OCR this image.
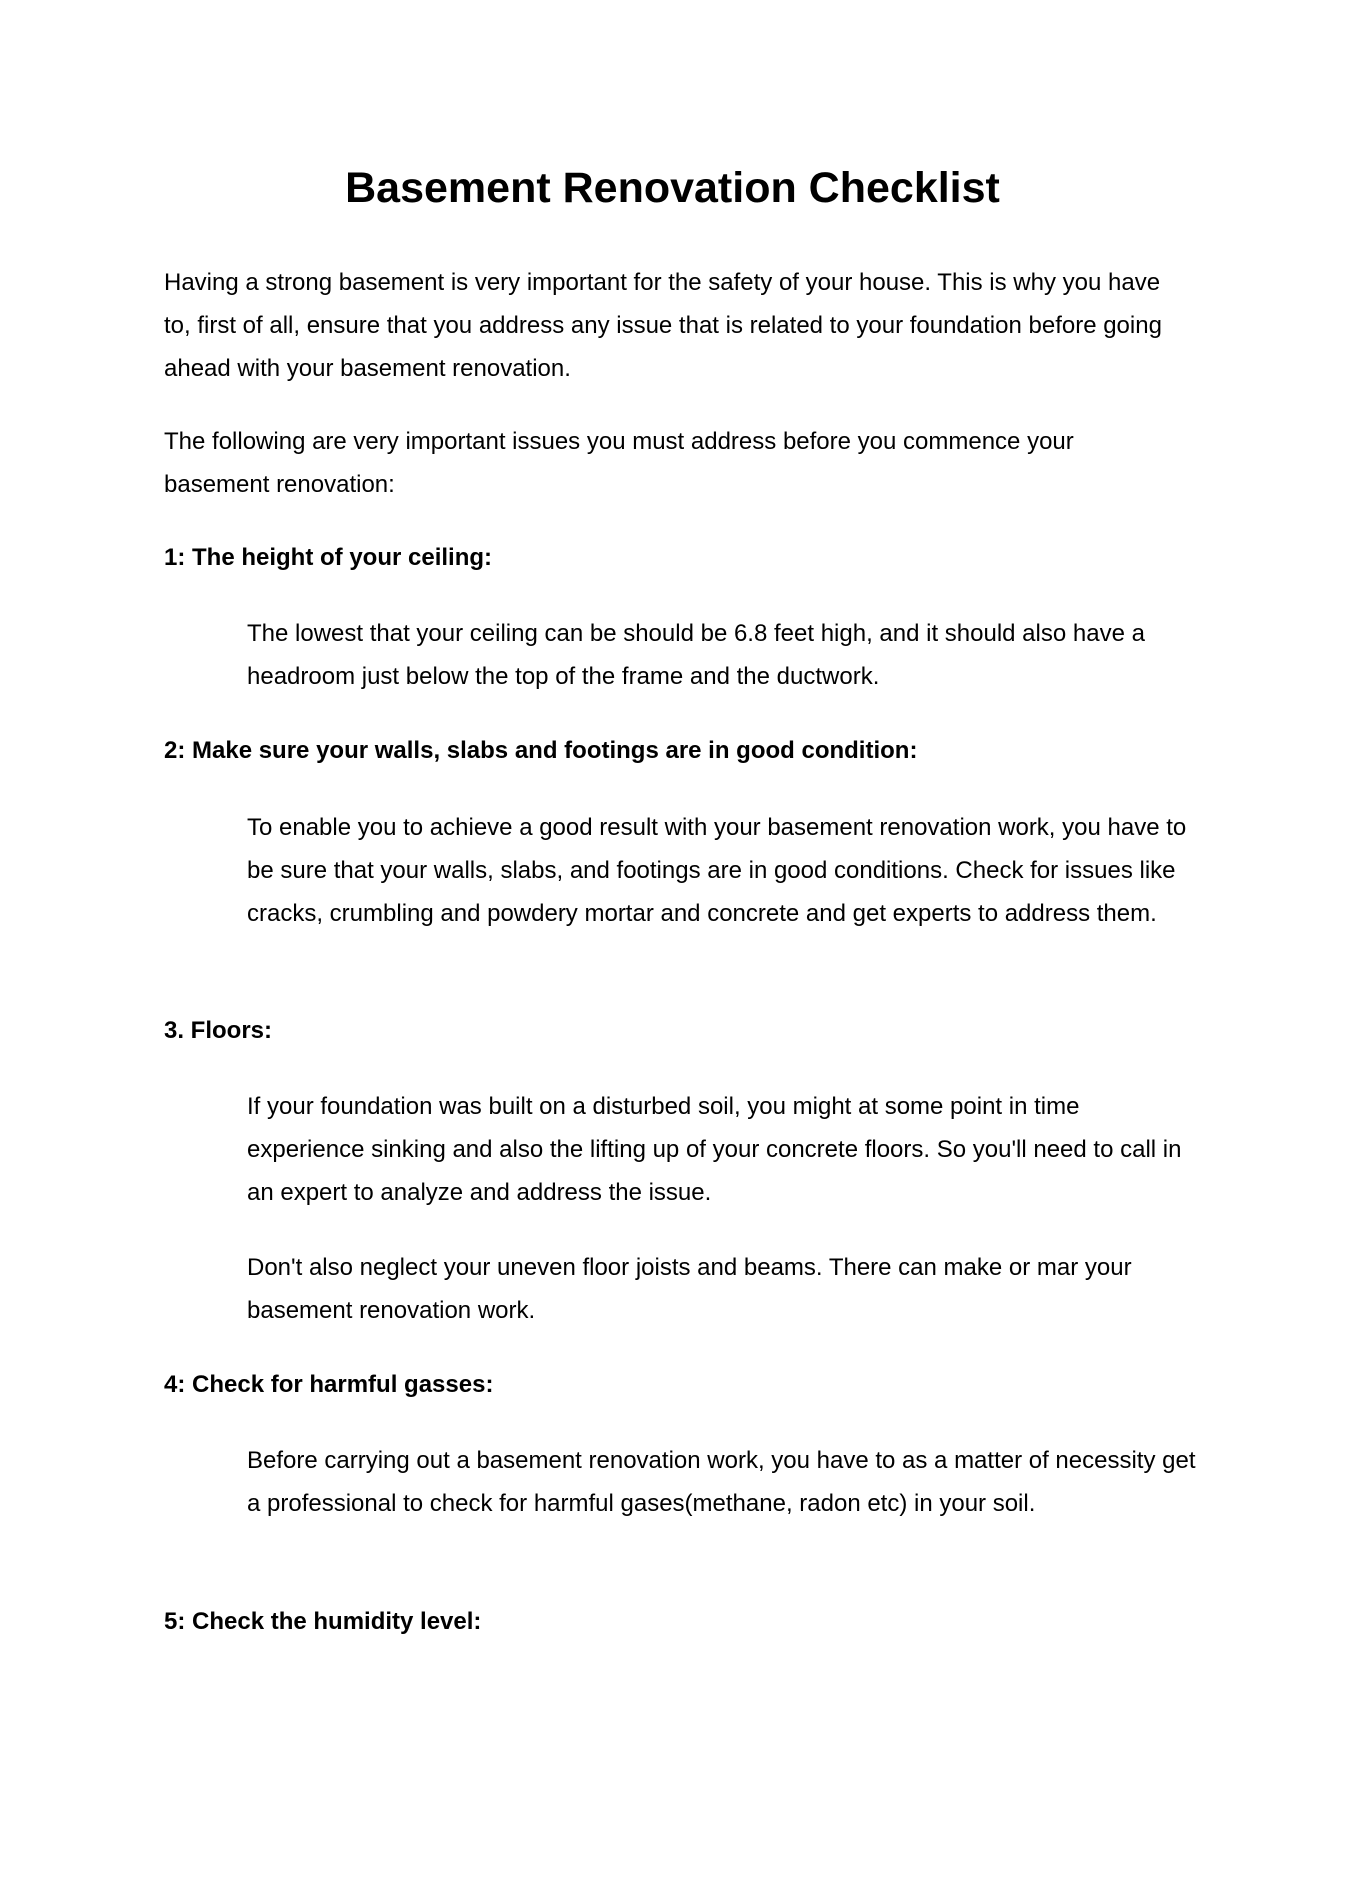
Basement Renovation Checklist

Having a strong basement is very important for the safety of your house. This is why you have to, first of all, ensure that you address any issue that is related to your foundation before going ahead with your basement renovation.

The following are very important issues you must address before you commence your basement renovation:

1: The height of your ceiling:

The lowest that your ceiling can be should be 6.8 feet high, and it should also have a headroom just below the top of the frame and the ductwork.

2: Make sure your walls, slabs and footings are in good condition:

To enable you to achieve a good result with your basement renovation work, you have to be sure that your walls, slabs, and footings are in good conditions. Check for issues like cracks, crumbling and powdery mortar and concrete and get experts to address them.

3. Floors:

If your foundation was built on a disturbed soil, you might at some point in time experience sinking and also the lifting up of your concrete floors. So you'll need to call in an expert to analyze and address the issue.

Don't also neglect your uneven floor joists and beams. There can make or mar your basement renovation work.

4: Check for harmful gasses:

Before carrying out a basement renovation work, you have to as a matter of necessity get a professional to check for harmful gases(methane, radon etc) in your soil.

5: Check the humidity level:
